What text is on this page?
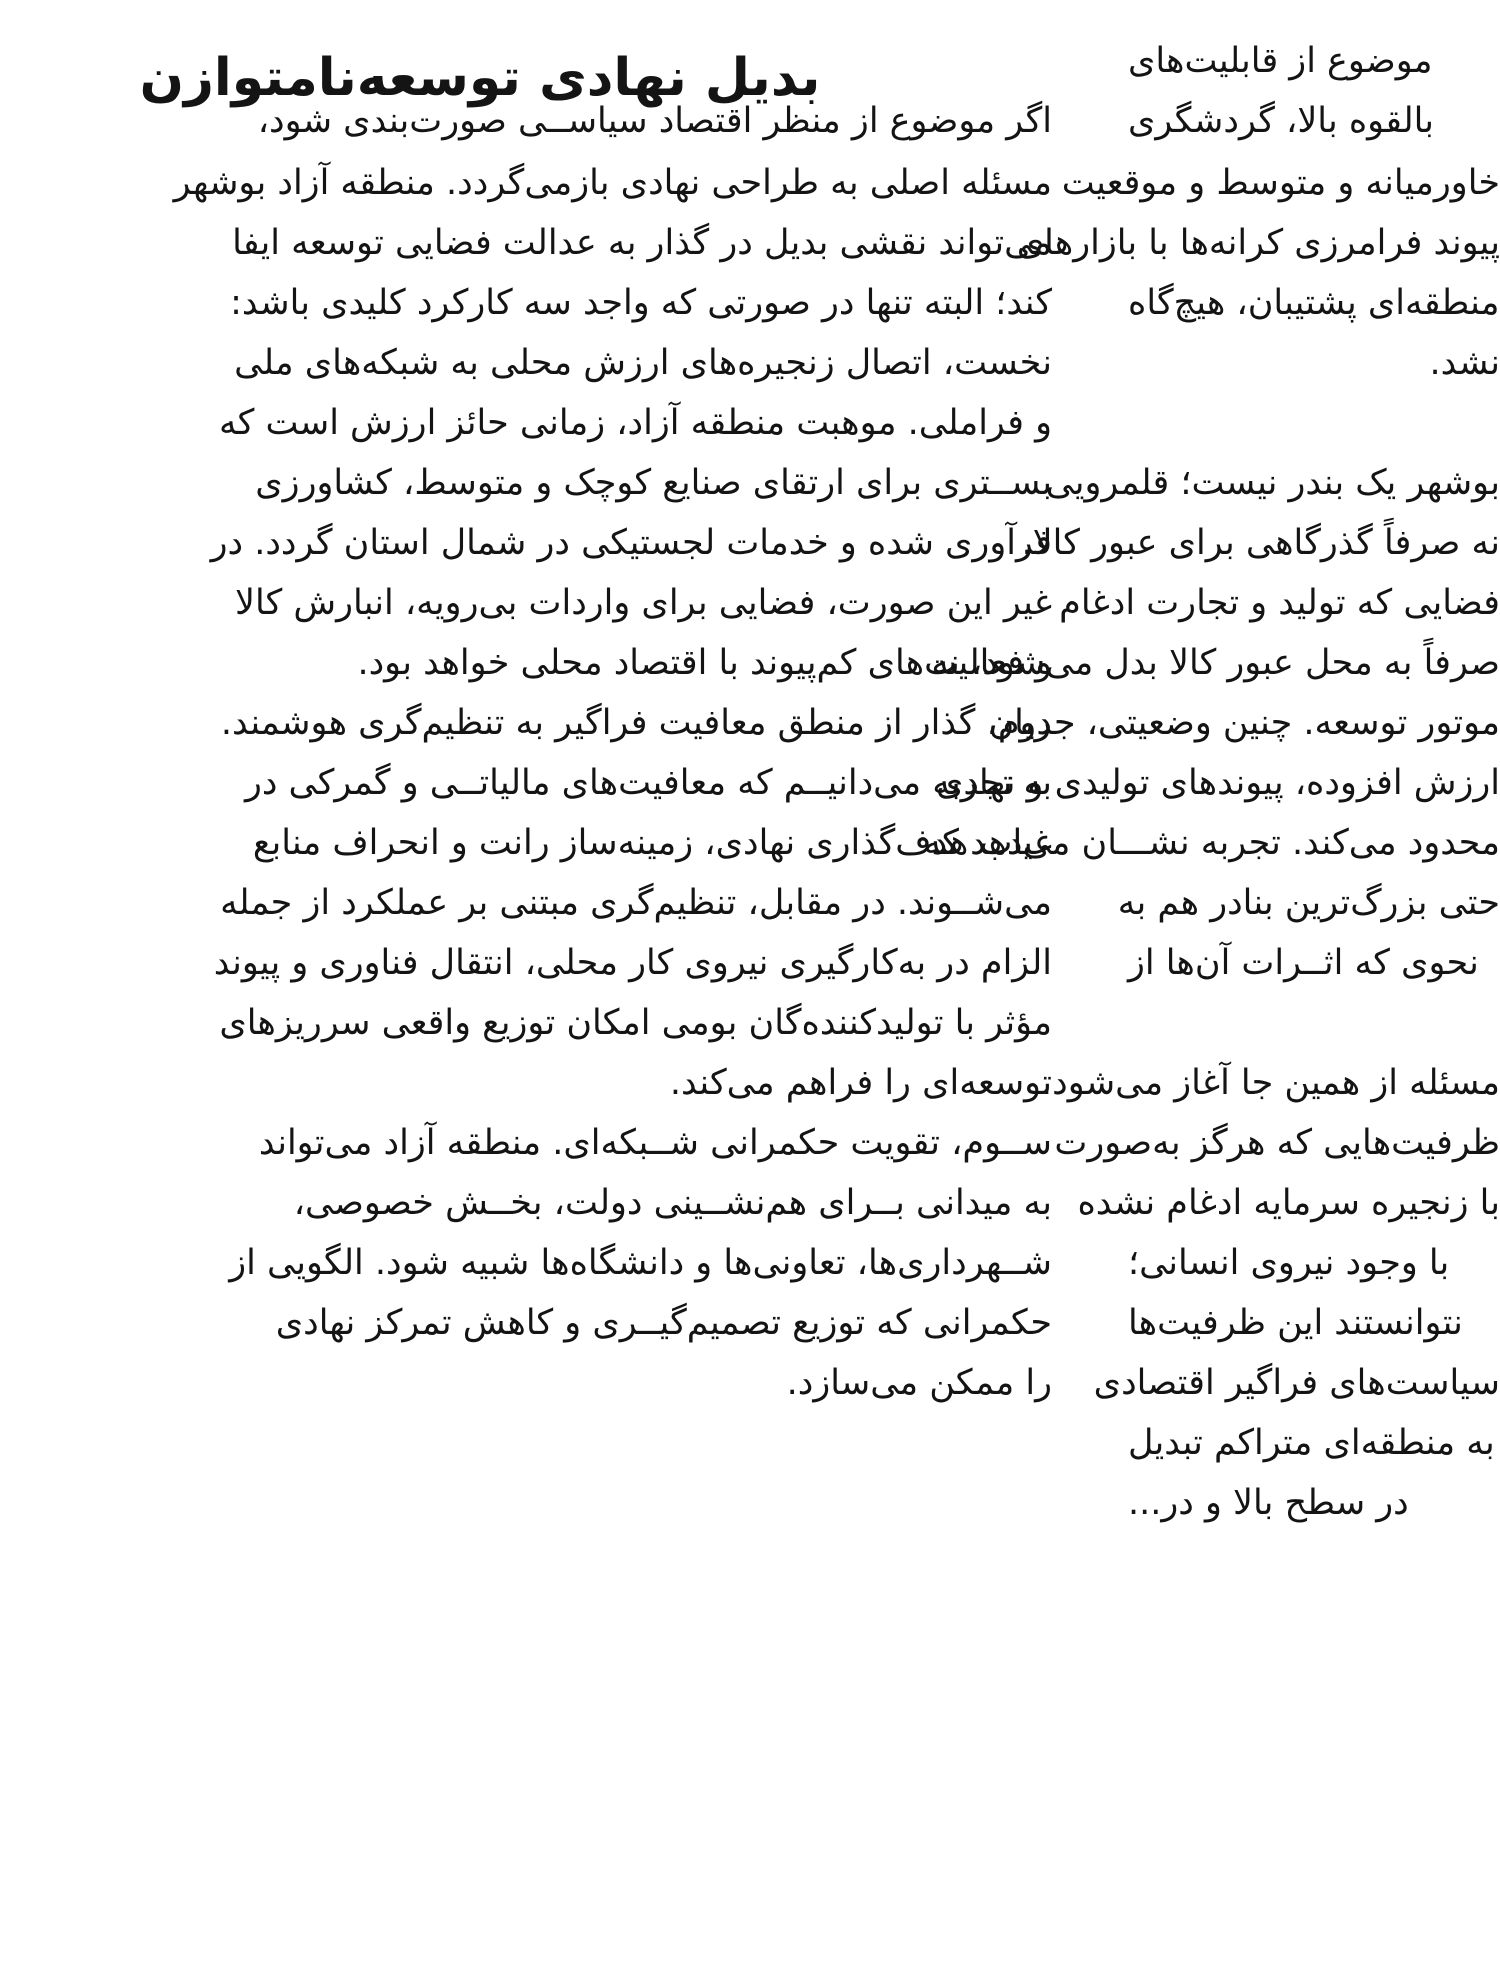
بدیل نهادی توسعه‌نامتوازن
اگر موضوع از منظر اقتصاد سیاســی صورت‌بندی شود،
مسئله اصلی به طراحی نهادی بازمی‌گردد. منطقه آزاد بوشهر
می‌تواند نقشی بدیل در گذار به عدالت فضایی توسعه ایفا
کند؛ البته تنها در صورتی که واجد سه کارکرد کلیدی باشد:
نخست، اتصال زنجیره‌های ارزش محلی به شبکه‌های ملی
و فراملی. موهبت منطقه آزاد، زمانی حائز ارزش است که
بســتری برای ارتقای صنایع کوچک و متوسط، کشاورزی
فرآوری شده و خدمات لجستیکی در شمال استان گردد. در
غیر این صورت، فضایی برای واردات بی‌رویه، انبارش کالا
و فعالیت‌های کم‌پیوند با اقتصاد محلی خواهد بود.
دوم، گذار از منطق معافیت فراگیر به تنظیم‌گری هوشمند.
به تجربه می‌دانیــم که معافیت‌های مالیاتــی و گمرکی در
غیاب هدف‌گذاری نهادی، زمینه‌ساز رانت و انحراف منابع
می‌شــوند. در مقابل، تنظیم‌گری مبتنی بر عملکرد از جمله
الزام در به‌کارگیری نیروی کار محلی، انتقال فناوری و پیوند
مؤثر با تولیدکننده‌گان بومی امکان توزیع واقعی سرریزهای
توسعه‌ای را فراهم می‌کند.
ســوم، تقویت حکمرانی شــبکه‌ای. منطقه آزاد می‌تواند
به میدانی بــرای هم‌نشــینی دولت، بخــش خصوصی،
شــهرداری‌ها، تعاونی‌ها و دانشگاه‌ها شبیه شود. الگویی از
حکمرانی که توزیع تصمیم‌گیــری و کاهش تمرکز نهادی
را ممکن می‌سازد.
موضوع از قابلیت‌های
بالقوه بالا، گردشگری
خاورمیانه و متوسط و موقعیت
پیوند فرامرزی کرانه‌ها با بازارهای
منطقه‌ای پشتیبان، هیچ‌گاه
نشد.
بوشهر یک بندر نیست؛ قلمرویی
نه صرفاً گذرگاهی برای عبور کالا.
فضایی که تولید و تجارت ادغام
صرفاً به محل عبور کالا بدل می‌شود، نه
موتور توسعه. چنین وضعیتی، جریان
ارزش افزوده، پیوندهای تولیدی و نهادی
محدود می‌کند. تجربه نشـــان می‌دهد که
حتی بزرگ‌ترین بنادر هم به
نحوی که اثــرات آن‌ها از
مسئله از همین جا آغاز می‌شود.
ظرفیت‌هایی که هرگز به‌صورت
با زنجیره سرمایه ادغام نشده
با وجود نیروی انسانی؛
نتوانستند این ظرفیت‌ها
سیاست‌های فراگیر اقتصادی
به منطقه‌ای متراکم تبدیل
در سطح بالا و در...
